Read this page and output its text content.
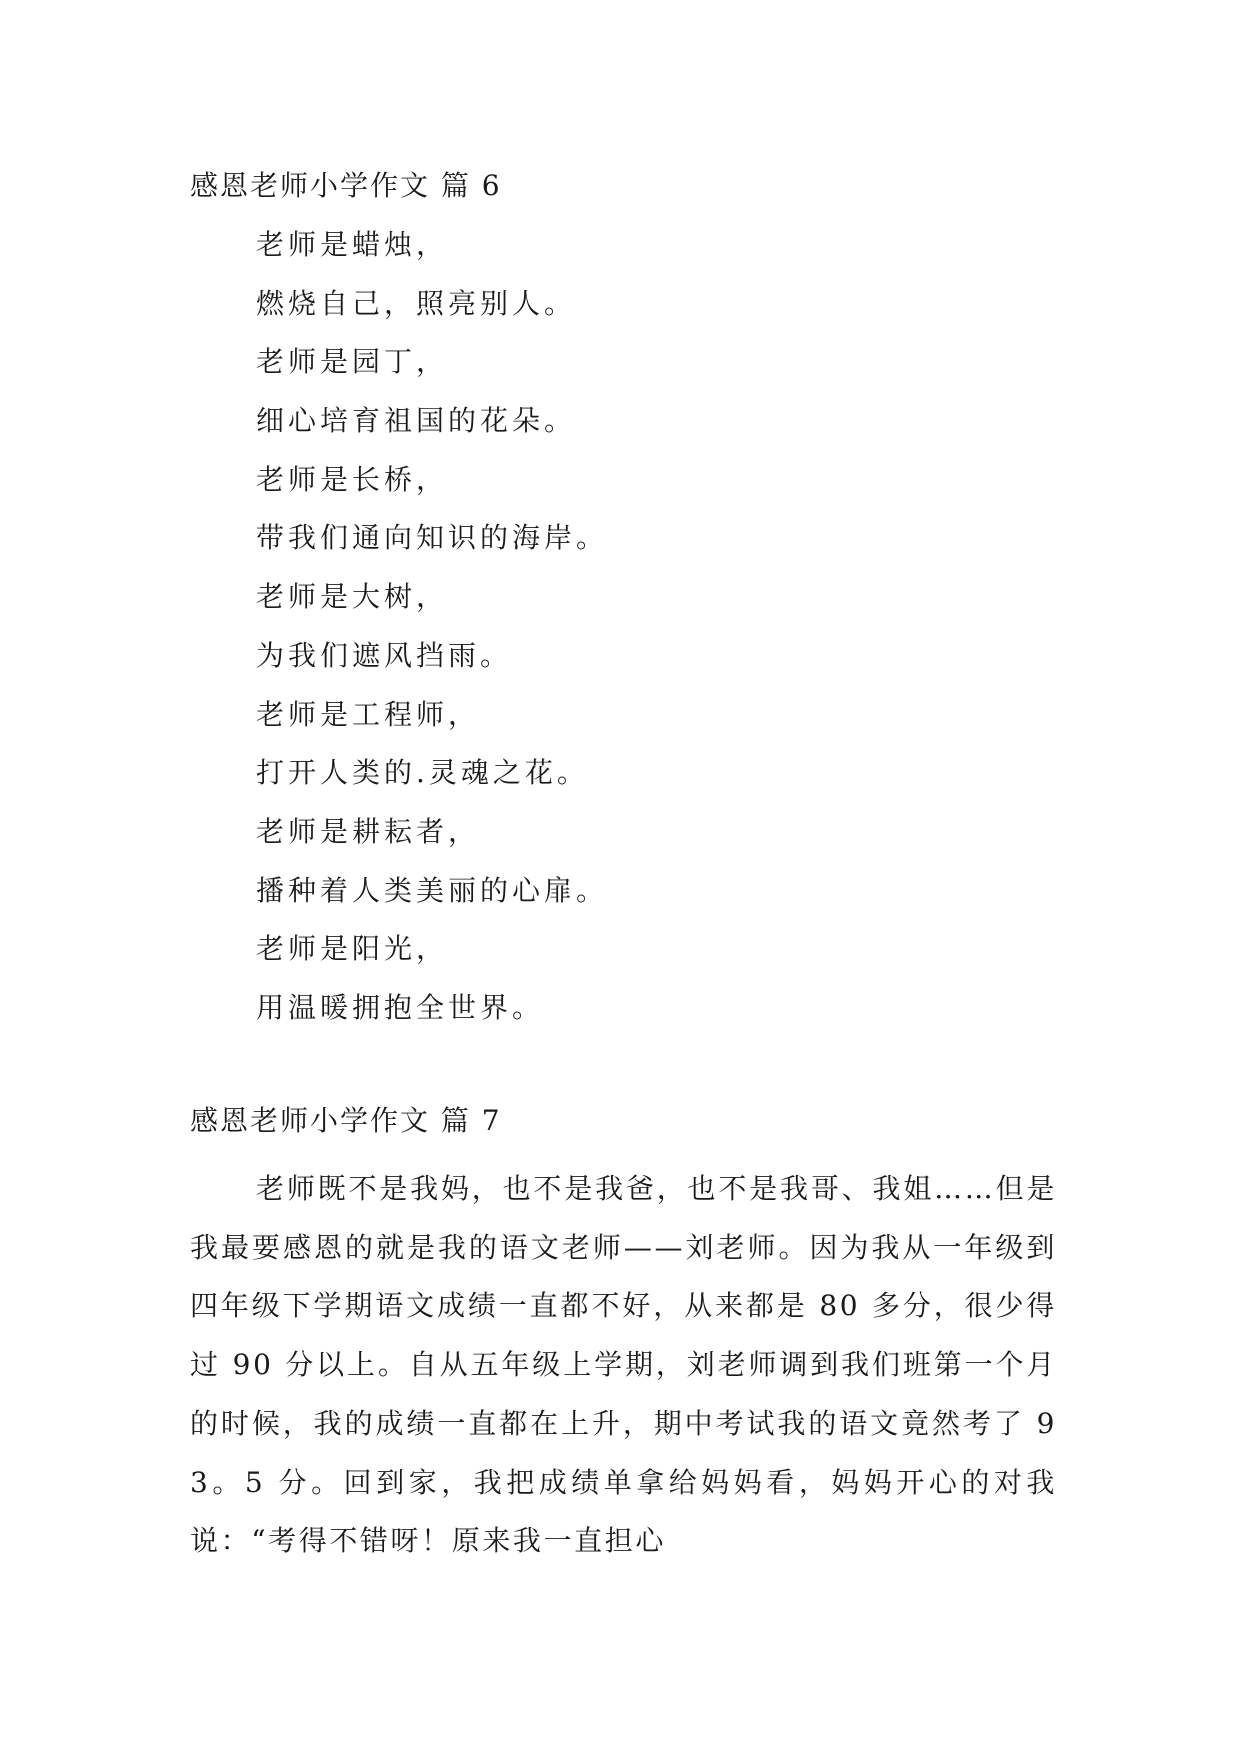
感恩老师小学作文 篇 6
老师是蜡烛，
燃烧自己，照亮别人。
老师是园丁，
细心培育祖国的花朵。
老师是长桥，
带我们通向知识的海岸。
老师是大树，
为我们遮风挡雨。
老师是工程师，
打开人类的.灵魂之花。
老师是耕耘者，
播种着人类美丽的心扉。
老师是阳光，
用温暖拥抱全世界。
感恩老师小学作文 篇 7

老师既不是我妈，也不是我爸，也不是我哥、我姐……但是我最要感恩的就是我的语文老师——刘老师。因为我从一年级到四年级下学期语文成绩一直都不好，从来都是 80 多分，很少得过 90 分以上。自从五年级上学期，刘老师调到我们班第一个月的时候，我的成绩一直都在上升，期中考试我的语文竟然考了 93。5 分。回到家，我把成绩单拿给妈妈看，妈妈开心的对我说：“考得不错呀！原来我一直担心
